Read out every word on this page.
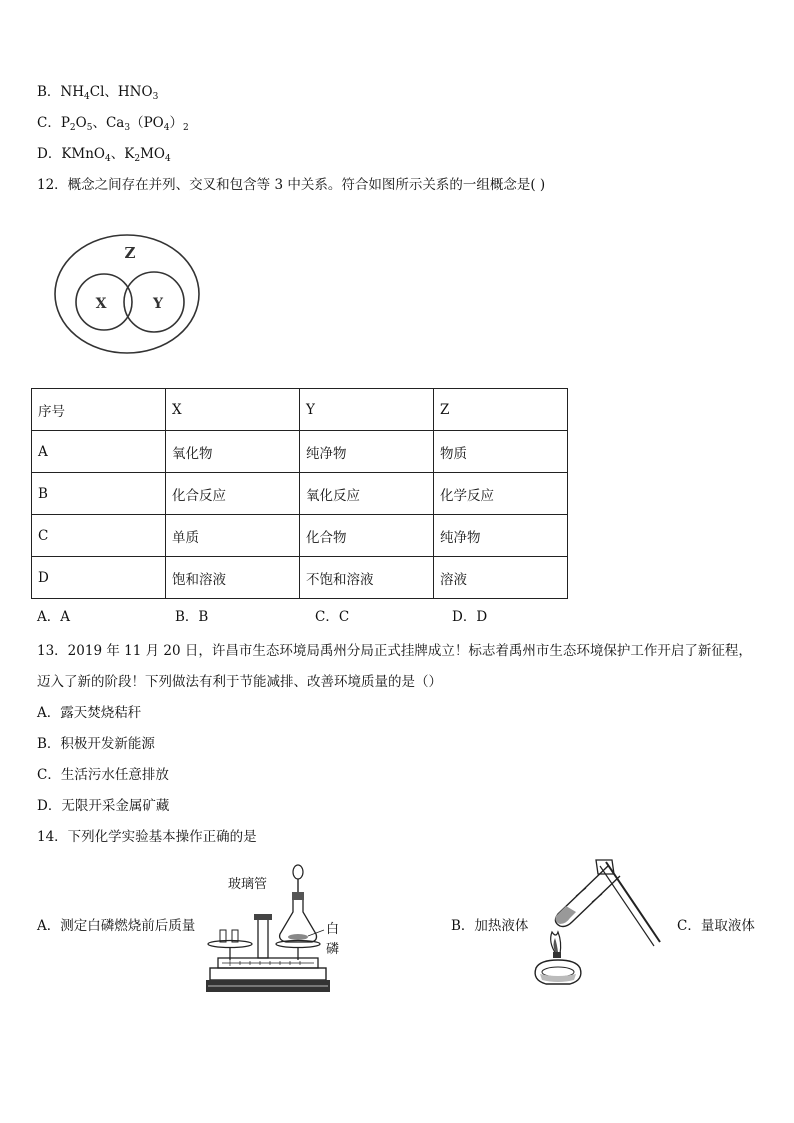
B．$NH_4Cl$、$HNO_3$
C．$P_2O_5$、$Ca_3(PO_4)_2$
D．KMnO$_4$、$K_2MO_4$
12．概念之间存在并列、交叉和包含等 3 中关系。符合如图所示关系的一组概念是( )
Z
X	Y
序号	X	Y	Z
A	氧化物	纯净物	物质
B	化合反应	氧化反应	化学反应
C	单质	化合物	纯净物
D	饱和溶液	不饱和溶液	溶液
A．A	B．B	C．C	D．D
13．2019 年 11 月 20 日，许昌市生态环境局禹州分局正式挂牌成立！标志着禹州市生态环境保护工作开启了新征程，
迈入了新的阶段！下列做法有利于节能减排、改善环境质量的是（）
A．露天焚烧秸秆
B．积极开发新能源
C．生活污水任意排放
D．无限开采金属矿藏
14．下列化学实验基本操作正确的是
A．测定白磷燃烧前后质量
玻璃管
白
磷
B．加热液体	C．量取液体
